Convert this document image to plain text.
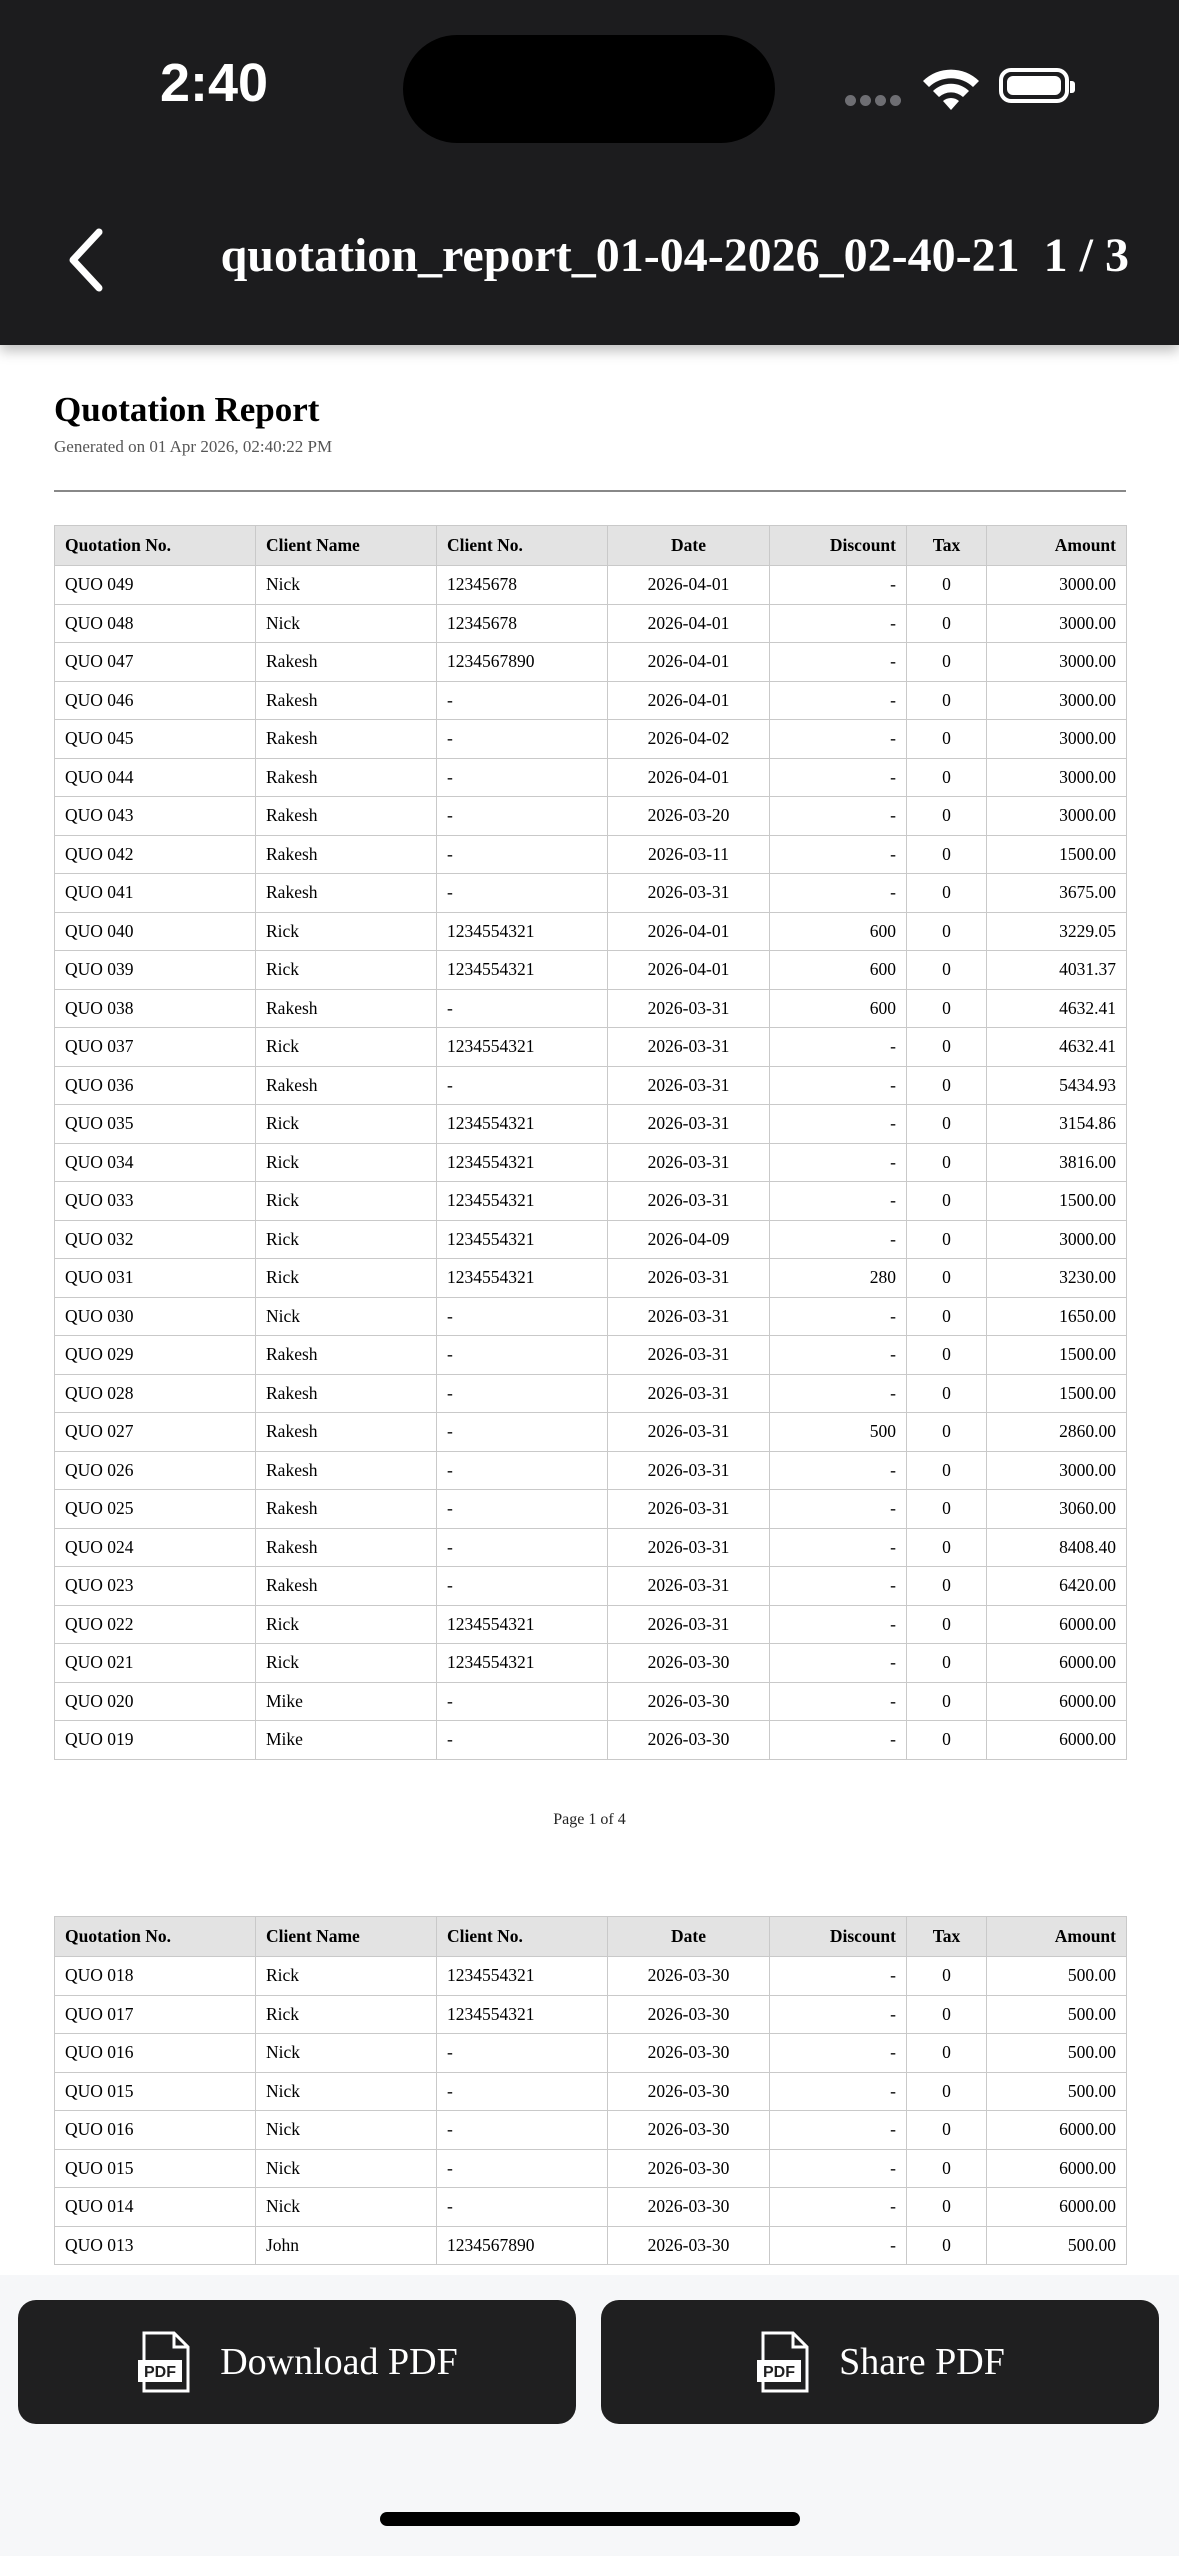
2:40
quotation_report_01-04-2026_02-40-21 1 / 3
Quotation Report
Generated on 01 Apr 2026, 02:40:22 PM
Quotation No.	Client Name	Client No.	Date	Discount	Tax	Amount
QUO 049	Nick	12345678	2026-04-01	-	0	3000.00
QUO 048	Nick	12345678	2026-04-01	-	0	3000.00
QUO 047	Rakesh	1234567890	2026-04-01	-	0	3000.00
QUO 046	Rakesh	-	2026-04-01	-	0	3000.00
QUO 045	Rakesh	-	2026-04-02	-	0	3000.00
QUO 044	Rakesh	-	2026-04-01	-	0	3000.00
QUO 043	Rakesh	-	2026-03-20	-	0	3000.00
QUO 042	Rakesh	-	2026-03-11	-	0	1500.00
QUO 041	Rakesh	-	2026-03-31	-	0	3675.00
QUO 040	Rick	1234554321	2026-04-01	600	0	3229.05
QUO 039	Rick	1234554321	2026-04-01	600	0	4031.37
QUO 038	Rakesh	-	2026-03-31	600	0	4632.41
QUO 037	Rick	1234554321	2026-03-31	-	0	4632.41
QUO 036	Rakesh	-	2026-03-31	-	0	5434.93
QUO 035	Rick	1234554321	2026-03-31	-	0	3154.86
QUO 034	Rick	1234554321	2026-03-31	-	0	3816.00
QUO 033	Rick	1234554321	2026-03-31	-	0	1500.00
QUO 032	Rick	1234554321	2026-04-09	-	0	3000.00
QUO 031	Rick	1234554321	2026-03-31	280	0	3230.00
QUO 030	Nick	-	2026-03-31	-	0	1650.00
QUO 029	Rakesh	-	2026-03-31	-	0	1500.00
QUO 028	Rakesh	-	2026-03-31	-	0	1500.00
QUO 027	Rakesh	-	2026-03-31	500	0	2860.00
QUO 026	Rakesh	-	2026-03-31	-	0	3000.00
QUO 025	Rakesh	-	2026-03-31	-	0	3060.00
QUO 024	Rakesh	-	2026-03-31	-	0	8408.40
QUO 023	Rakesh	-	2026-03-31	-	0	6420.00
QUO 022	Rick	1234554321	2026-03-31	-	0	6000.00
QUO 021	Rick	1234554321	2026-03-30	-	0	6000.00
QUO 020	Mike	-	2026-03-30	-	0	6000.00
QUO 019	Mike	-	2026-03-30	-	0	6000.00
Page 1 of 4
Quotation No.	Client Name	Client No.	Date	Discount	Tax	Amount
QUO 018	Rick	1234554321	2026-03-30	-	0	500.00
QUO 017	Rick	1234554321	2026-03-30	-	0	500.00
QUO 016	Nick	-	2026-03-30	-	0	500.00
QUO 015	Nick	-	2026-03-30	-	0	500.00
QUO 016	Nick	-	2026-03-30	-	0	6000.00
QUO 015	Nick	-	2026-03-30	-	0	6000.00
QUO 014	Nick	-	2026-03-30	-	0	6000.00
QUO 013	John	1234567890	2026-03-30	-	0	500.00
PDF Download PDF	PDF Share PDF
